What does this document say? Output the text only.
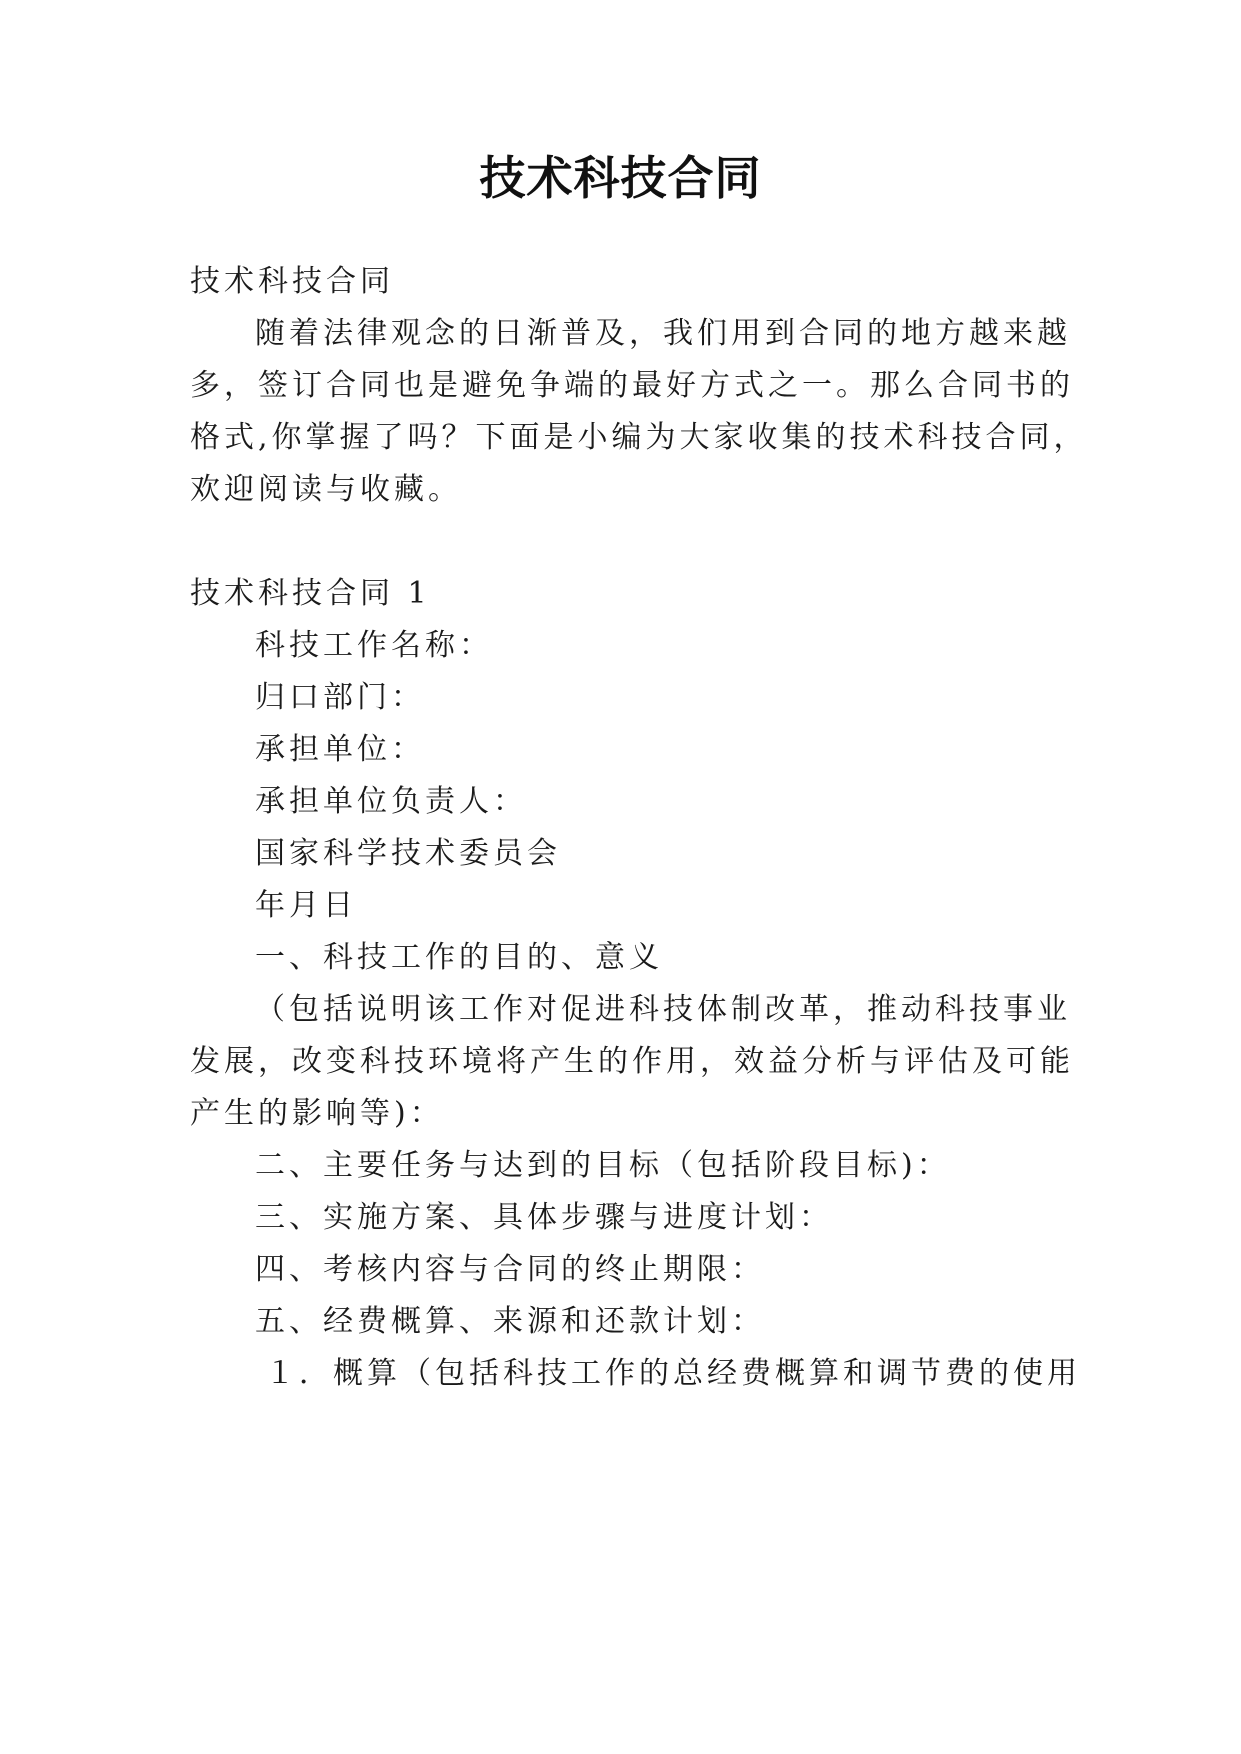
技术科技合同

技术科技合同

随着法律观念的日渐普及，我们用到合同的地方越来越

多，签订合同也是避免争端的最好方式之一。那么合同书的

格式,你掌握了吗？下面是小编为大家收集的技术科技合同，

欢迎阅读与收藏。

技术科技合同 1

科技工作名称：

归口部门：

承担单位：

承担单位负责人：

国家科学技术委员会

年月日

一、科技工作的目的、意义

（包括说明该工作对促进科技体制改革，推动科技事业

发展，改变科技环境将产生的作用，效益分析与评估及可能

产生的影响等)：

二、主要任务与达到的目标（包括阶段目标)：

三、实施方案、具体步骤与进度计划：

四、考核内容与合同的终止期限：

五、经费概算、来源和还款计划：

１．概算（包括科技工作的总经费概算和调节费的使用
